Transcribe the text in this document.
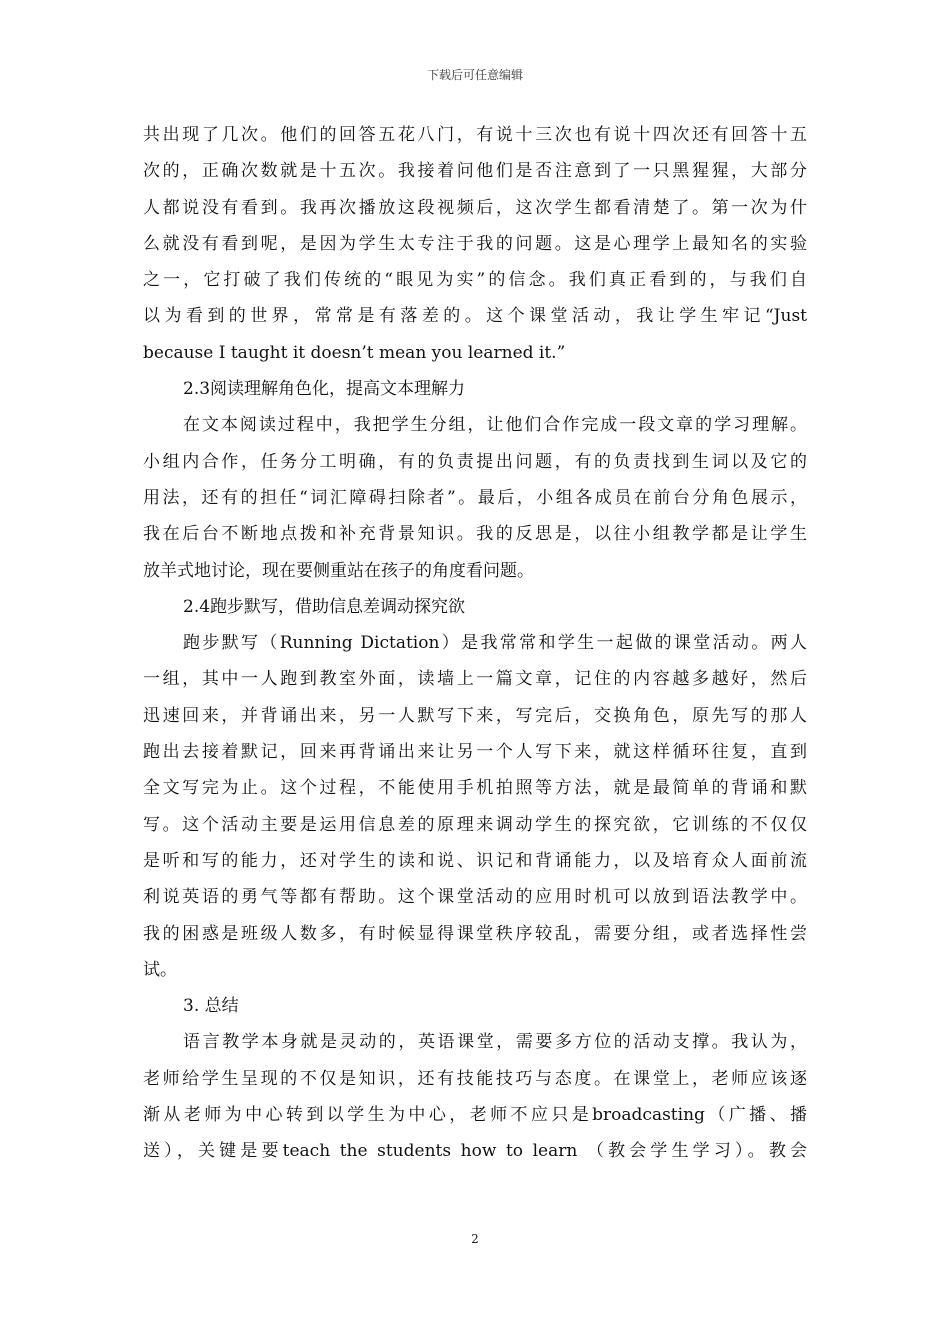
下载后可任意编辑
共出现了几次。他们的回答五花八门，有说十三次也有说十四次还有回答十五
次的，正确次数就是十五次。我接着问他们是否注意到了一只黑猩猩，大部分
人都说没有看到。我再次播放这段视频后，这次学生都看清楚了。第一次为什
么就没有看到呢，是因为学生太专注于我的问题。这是心理学上最知名的实验
之一，它打破了我们传统的“眼见为实”的信念。我们真正看到的，与我们自
以为看到的世界，常常是有落差的。这个课堂活动，我让学生牢记“Just
because I taught it doesn’t mean you learned it.”
2.3阅读理解角色化，提高文本理解力
在文本阅读过程中，我把学生分组，让他们合作完成一段文章的学习理解。
小组内合作，任务分工明确，有的负责提出问题，有的负责找到生词以及它的
用法，还有的担任“词汇障碍扫除者”。最后，小组各成员在前台分角色展示，
我在后台不断地点拨和补充背景知识。我的反思是，以往小组教学都是让学生
放羊式地讨论，现在要侧重站在孩子的角度看问题。
2.4跑步默写，借助信息差调动探究欲
跑步默写（Running Dictation）是我常常和学生一起做的课堂活动。两人
一组，其中一人跑到教室外面，读墙上一篇文章，记住的内容越多越好，然后
迅速回来，并背诵出来，另一人默写下来，写完后，交换角色，原先写的那人
跑出去接着默记，回来再背诵出来让另一个人写下来，就这样循环往复，直到
全文写完为止。这个过程，不能使用手机拍照等方法，就是最简单的背诵和默
写。这个活动主要是运用信息差的原理来调动学生的探究欲，它训练的不仅仅
是听和写的能力，还对学生的读和说、识记和背诵能力，以及培育众人面前流
利说英语的勇气等都有帮助。这个课堂活动的应用时机可以放到语法教学中。
我的困惑是班级人数多，有时候显得课堂秩序较乱，需要分组，或者选择性尝
试。
3. 总结
语言教学本身就是灵动的，英语课堂，需要多方位的活动支撑。我认为，
老师给学生呈现的不仅是知识，还有技能技巧与态度。在课堂上，老师应该逐
渐从老师为中心转到以学生为中心，老师不应只是broadcasting（广播、播
送），关键是要teach the students how to learn （教会学生学习）。教会
2
